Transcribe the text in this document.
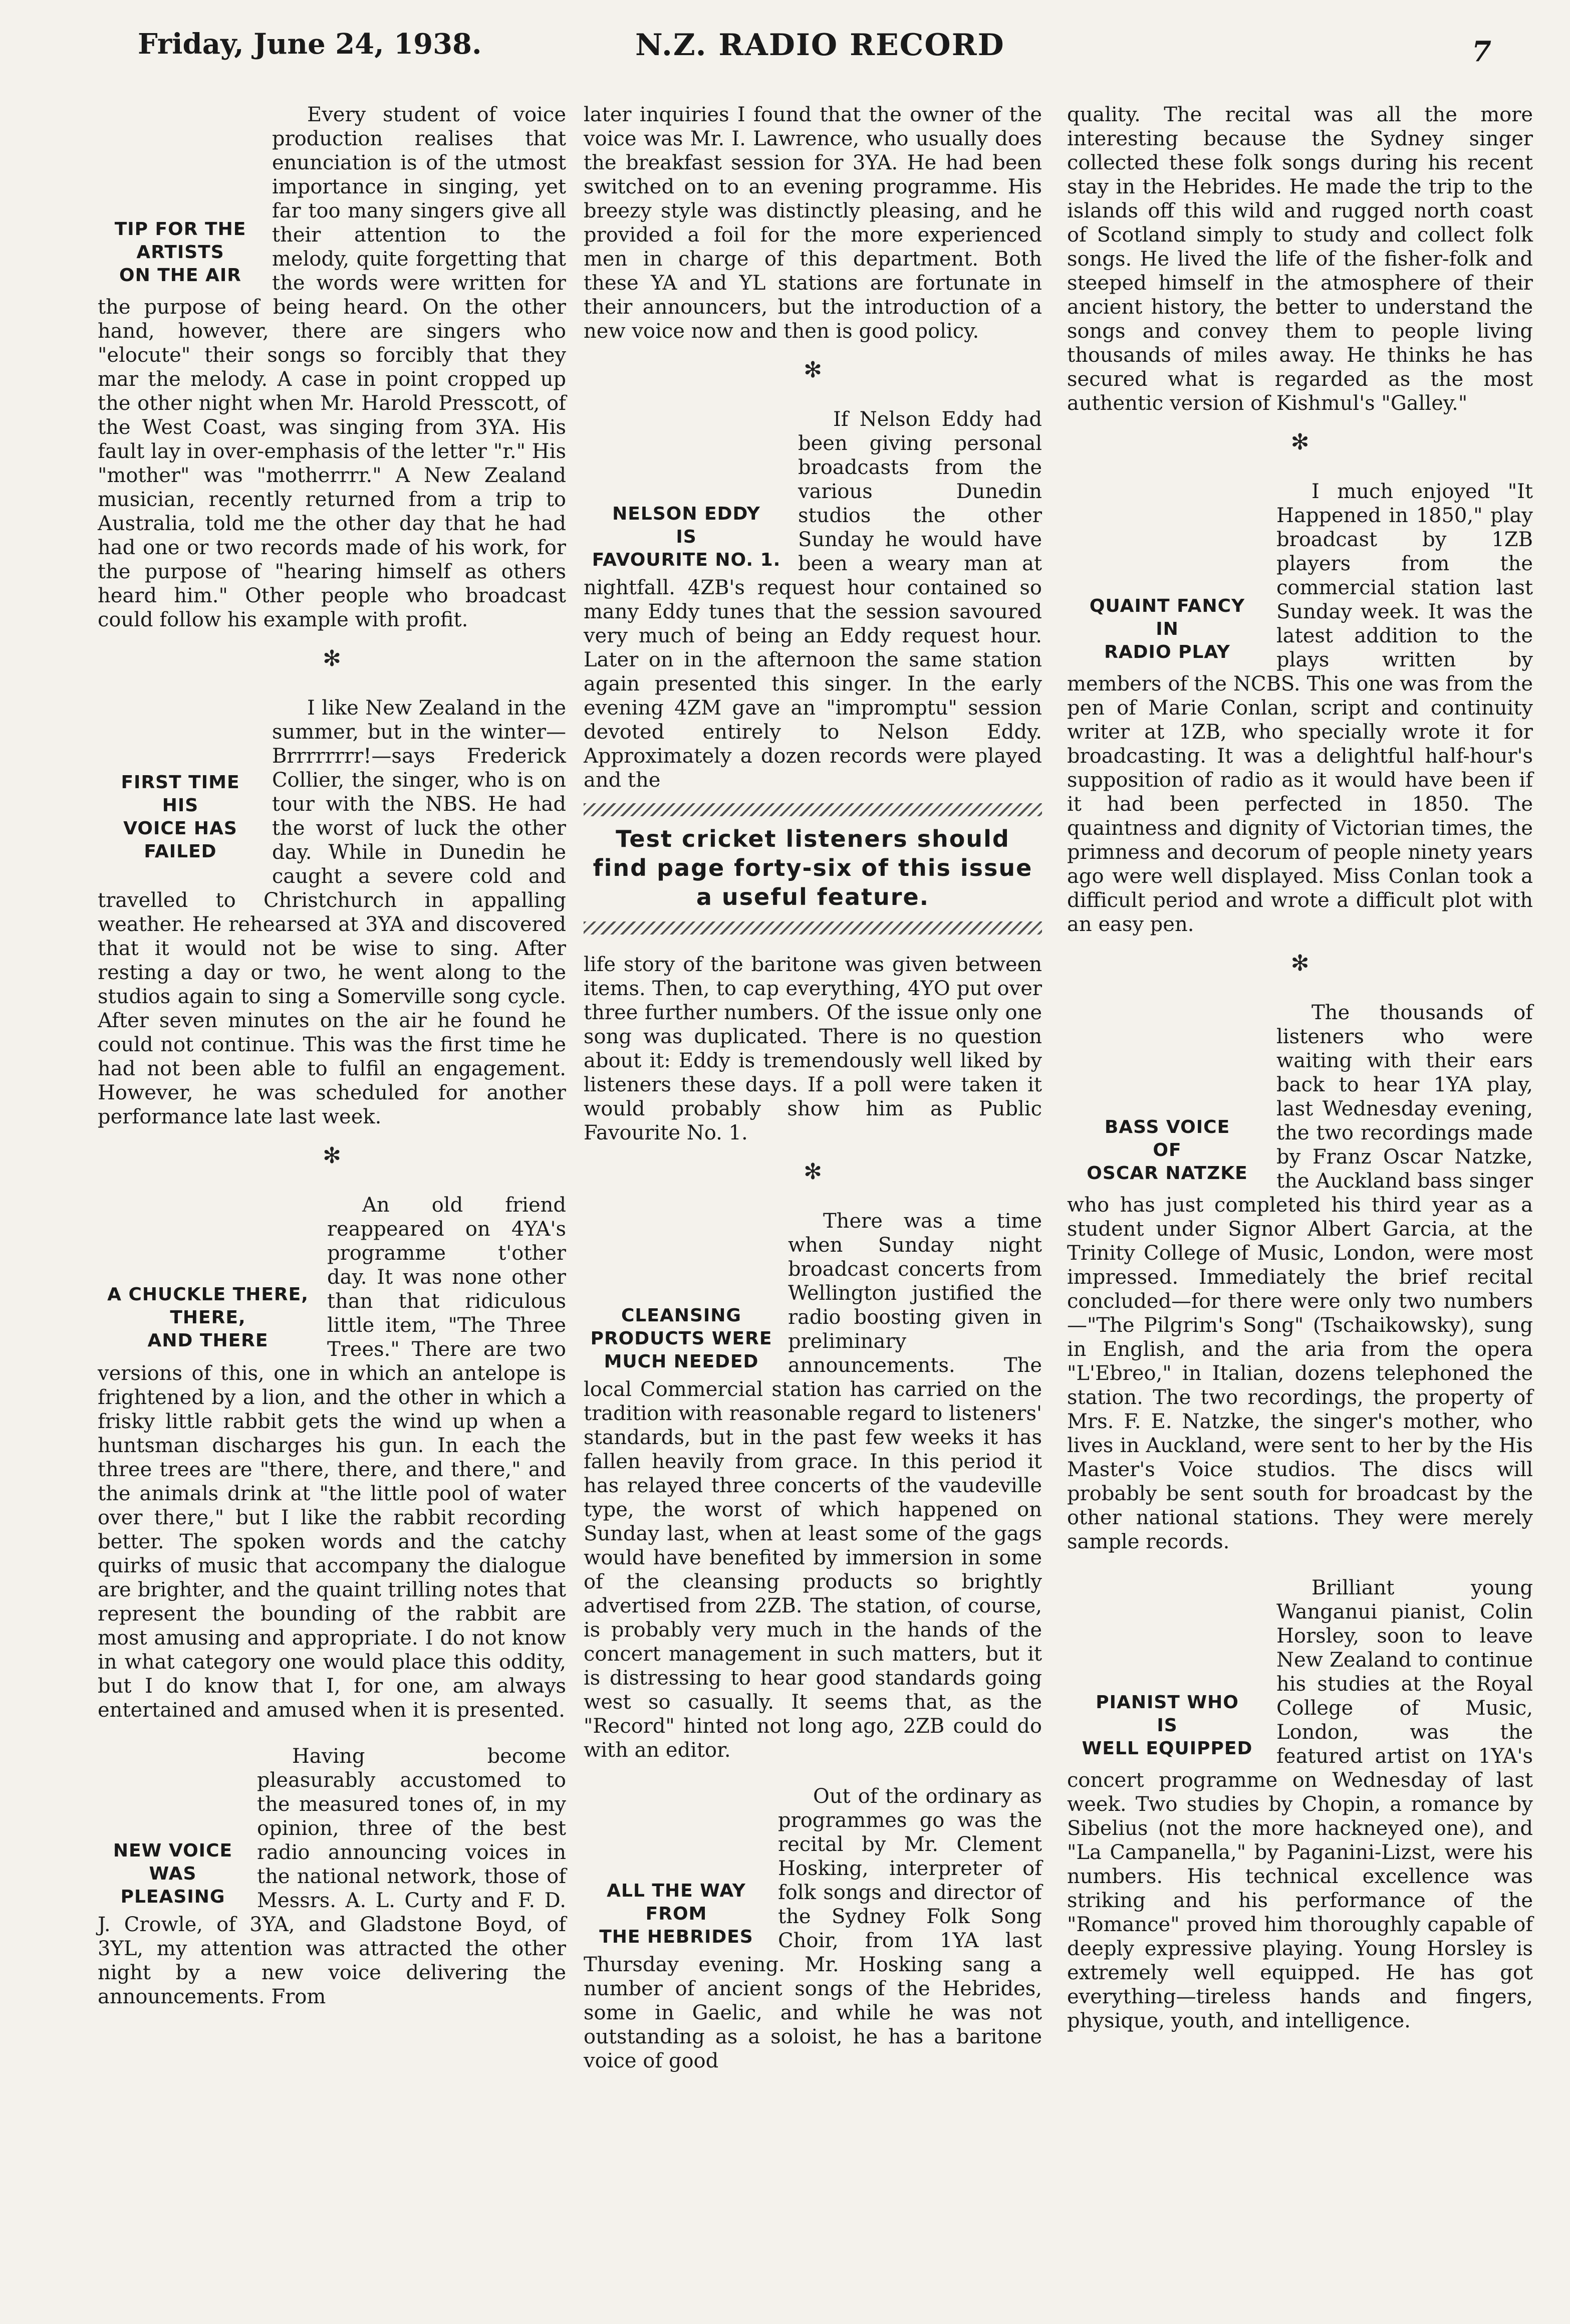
Friday, June 24, 1938.	N.Z. RADIO RECORD	7
TIP FOR THE
ARTISTS
ON THE AIR

Every student of voice production realises that enunciation is of the utmost importance in singing, yet far too many singers give all their attention to the melody, quite forgetting that the words were written for the purpose of being heard. On the other hand, however, there are singers who "elocute" their songs so forcibly that they mar the melody. A case in point cropped up the other night when Mr. Harold Presscott, of the West Coast, was singing from 3YA. His fault lay in over-emphasis of the letter "r." His "mother" was "motherrrr." A New Zealand musician, recently returned from a trip to Australia, told me the other day that he had had one or two records made of his work, for the purpose of "hearing himself as others heard him." Other people who broadcast could follow his example with profit.

✻
FIRST TIME
HIS
VOICE HAS FAILED

I like New Zealand in the summer, but in the winter—Brrrrrrrr!—says Frederick Collier, the singer, who is on tour with the NBS. He had the worst of luck the other day. While in Dunedin he caught a severe cold and travelled to Christchurch in appalling weather. He rehearsed at 3YA and discovered that it would not be wise to sing. After resting a day or two, he went along to the studios again to sing a Somerville song cycle. After seven minutes on the air he found he could not continue. This was the first time he had not been able to fulfil an engagement. However, he was scheduled for another performance late last week.

✻
A CHUCKLE THERE,
THERE,
AND THERE

An old friend reappeared on 4YA's programme t'other day. It was none other than that ridiculous little item, "The Three Trees." There are two versions of this, one in which an antelope is frightened by a lion, and the other in which a frisky little rabbit gets the wind up when a huntsman discharges his gun. In each the three trees are "there, there, and there," and the animals drink at "the little pool of water over there," but I like the rabbit recording better. The spoken words and the catchy quirks of music that accompany the dialogue are brighter, and the quaint trilling notes that represent the bounding of the rabbit are most amusing and appropriate. I do not know in what category one would place this oddity, but I do know that I, for one, am always entertained and amused when it is presented.

NEW VOICE
WAS
PLEASING

Having become pleasurably accustomed to the measured tones of, in my opinion, three of the best radio announcing voices in the national network, those of Messrs. A. L. Curty and F. D. J. Crowle, of 3YA, and Gladstone Boyd, of 3YL, my attention was attracted the other night by a new voice delivering the announcements. From

later inquiries I found that the owner of the voice was Mr. I. Lawrence, who usually does the breakfast session for 3YA. He had been switched on to an evening programme. His breezy style was distinctly pleasing, and he provided a foil for the more experienced men in charge of this department. Both these YA and YL stations are fortunate in their announcers, but the introduction of a new voice now and then is good policy.

✻
NELSON EDDY
IS
FAVOURITE NO. 1.

If Nelson Eddy had been giving personal broadcasts from the various Dunedin studios the other Sunday he would have been a weary man at nightfall. 4ZB's request hour contained so many Eddy tunes that the session savoured very much of being an Eddy request hour. Later on in the afternoon the same station again presented this singer. In the early evening 4ZM gave an "impromptu" session devoted entirely to Nelson Eddy. Approximately a dozen records were played and the

Test cricket listeners should find page forty-six of this issue a useful feature.

life story of the baritone was given between items. Then, to cap everything, 4YO put over three further numbers. Of the issue only one song was duplicated. There is no question about it: Eddy is tremendously well liked by listeners these days. If a poll were taken it would probably show him as Public Favourite No. 1.

✻
CLEANSING
PRODUCTS WERE
MUCH NEEDED

There was a time when Sunday night broadcast concerts from Wellington justified the radio boosting given in preliminary announcements. The local Commercial station has carried on the tradition with reasonable regard to listeners' standards, but in the past few weeks it has fallen heavily from grace. In this period it has relayed three concerts of the vaudeville type, the worst of which happened on Sunday last, when at least some of the gags would have benefited by immersion in some of the cleansing products so brightly advertised from 2ZB. The station, of course, is probably very much in the hands of the concert management in such matters, but it is distressing to hear good standards going west so casually. It seems that, as the "Record" hinted not long ago, 2ZB could do with an editor.

ALL THE WAY
FROM
THE HEBRIDES

Out of the ordinary as programmes go was the recital by Mr. Clement Hosking, interpreter of folk songs and director of the Sydney Folk Song Choir, from 1YA last Thursday evening. Mr. Hosking sang a number of ancient songs of the Hebrides, some in Gaelic, and while he was not outstanding as a soloist, he has a baritone voice of good

quality. The recital was all the more interesting because the Sydney singer collected these folk songs during his recent stay in the Hebrides. He made the trip to the islands off this wild and rugged north coast of Scotland simply to study and collect folk songs. He lived the life of the fisher-folk and steeped himself in the atmosphere of their ancient history, the better to understand the songs and convey them to people living thousands of miles away. He thinks he has secured what is regarded as the most authentic version of Kishmul's "Galley."

✻
QUAINT FANCY
IN
RADIO PLAY

I much enjoyed "It Happened in 1850," play broadcast by 1ZB players from the commercial station last Sunday week. It was the latest addition to the plays written by members of the NCBS. This one was from the pen of Marie Conlan, script and continuity writer at 1ZB, who specially wrote it for broadcasting. It was a delightful half-hour's supposition of radio as it would have been if it had been perfected in 1850. The quaintness and dignity of Victorian times, the primness and decorum of people ninety years ago were well displayed. Miss Conlan took a difficult period and wrote a difficult plot with an easy pen.

✻
BASS VOICE
OF
OSCAR NATZKE

The thousands of listeners who were waiting with their ears back to hear 1YA play, last Wednesday evening, the two recordings made by Franz Oscar Natzke, the Auckland bass singer who has just completed his third year as a student under Signor Albert Garcia, at the Trinity College of Music, London, were most impressed. Immediately the brief recital concluded—for there were only two numbers—"The Pilgrim's Song" (Tschaikowsky), sung in English, and the aria from the opera "L'Ebreo," in Italian, dozens telephoned the station. The two recordings, the property of Mrs. F. E. Natzke, the singer's mother, who lives in Auckland, were sent to her by the His Master's Voice studios. The discs will probably be sent south for broadcast by the other national stations. They were merely sample records.

PIANIST WHO
IS
WELL EQUIPPED

Brilliant young Wanganui pianist, Colin Horsley, soon to leave New Zealand to continue his studies at the Royal College of Music, London, was the featured artist on 1YA's concert programme on Wednesday of last week. Two studies by Chopin, a romance by Sibelius (not the more hackneyed one), and "La Campanella," by Paganini-Lizst, were his numbers. His technical excellence was striking and his performance of the "Romance" proved him thoroughly capable of deeply expressive playing. Young Horsley is extremely well equipped. He has got everything—tireless hands and fingers, physique, youth, and intelligence.
